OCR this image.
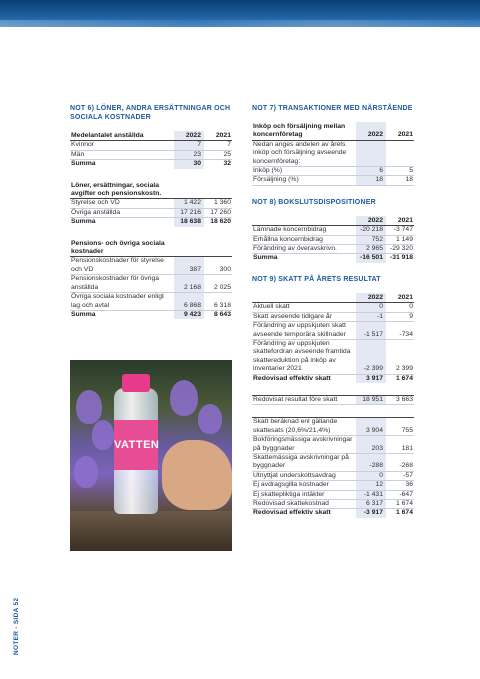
NOTER - SIDA 52
NOT 6) LÖNER, ANDRA ERSÄTTNINGAR OCH SOCIALA KOSTNADER
Medelantalet anställda	2022	2021
Kvinnor	7	7
Män	23	25
Summa	30	32
Löner, ersättningar, sociala avgifter och pensionskostn.		
Styrelse och VD	1 422	1 360
Övriga anställda	17 216	17 260
Summa	18 638	18 620
Pensions- och övriga sociala kostnader		
Pensionskostnader för styrelse och VD	387	300
Pensionskostnader för övriga anställda	2 168	2 025
Övriga sociala kostnader enligt lag och avtal	6 868	6 318
Summa	9 423	8 643
VATTEN
NOT 7) TRANSAKTIONER MED NÄRSTÅENDE
Inköp och försäljning mellan koncernföretag	2022	2021
Nedan anges andelen av årets inköp och försäljning avseende koncernföretag:		
Inköp (%)	6	5
Försäljning (%)	18	18
NOT 8) BOKSLUTSDISPOSITIONER
	2022	2021
Lämnade koncernbidrag	-20 218	-3 747
Erhållna koncernbidrag	752	1 149
Förändring av överavskrivn.	2 965	-29 320
Summa	-16 501	-31 918
NOT 9) SKATT PÅ ÅRETS RESULTAT
	2022	2021
Aktuell skatt	0	0
Skatt avseende tidigare år	-1	9
Förändring av uppskjuten skatt avseende temporära skillnader	-1 517	-734
Förändring av uppskjuten skattefordran avseende framtida skattereduktion på inköp av inventarier 2021	-2 399	2 399
Redovisad effektiv skatt	3 917	1 674
Redovisat resultat före skatt	18 951	3 663
Skatt beräknad enl gällande skattesats (20,6%/21,4%)	3 904	755
Bokföringsmässiga avskrivningar på byggnader	203	181
Skattemässiga avskrivningar på byggnader	-288	-268
Utnyttjat underskottsavdrag	0	-57
Ej avdragsgilla kostnader	12	36
Ej skattepliktiga intäkter	-1 431	-647
Redovisad skattekostnad	6 317	1 674
Redovisad effektiv skatt	-3 917	1 674
